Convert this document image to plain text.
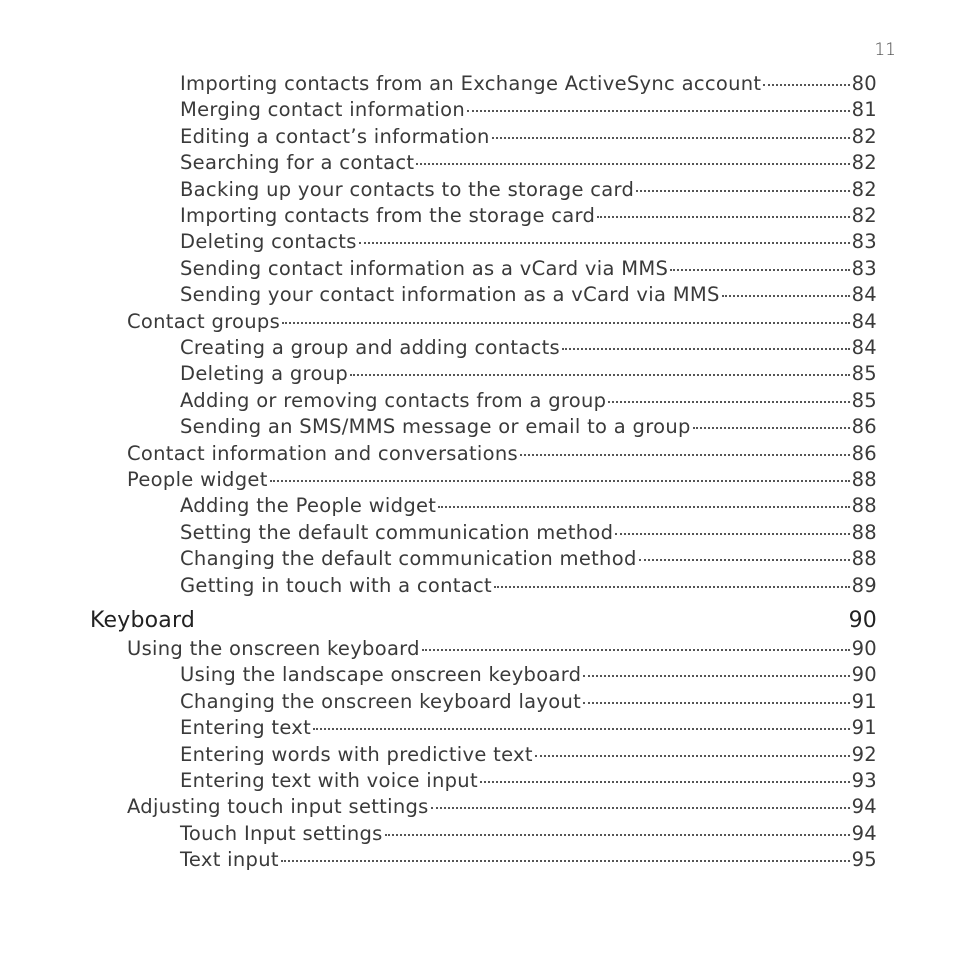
11
Importing contacts from an Exchange ActiveSync account	80
Merging contact information	81
Editing a contact’s information	82
Searching for a contact	82
Backing up your contacts to the storage card	82
Importing contacts from the storage card	82
Deleting contacts	83
Sending contact information as a vCard via MMS	83
Sending your contact information as a vCard via MMS	84
Contact groups	84
Creating a group and adding contacts	84
Deleting a group	85
Adding or removing contacts from a group	85
Sending an SMS/MMS message or email to a group	86
Contact information and conversations	86
People widget	88
Adding the People widget	88
Setting the default communication method	88
Changing the default communication method	88
Getting in touch with a contact	89
Keyboard	90
Using the onscreen keyboard	90
Using the landscape onscreen keyboard	90
Changing the onscreen keyboard layout	91
Entering text	91
Entering words with predictive text	92
Entering text with voice input	93
Adjusting touch input settings	94
Touch Input settings	94
Text input	95
